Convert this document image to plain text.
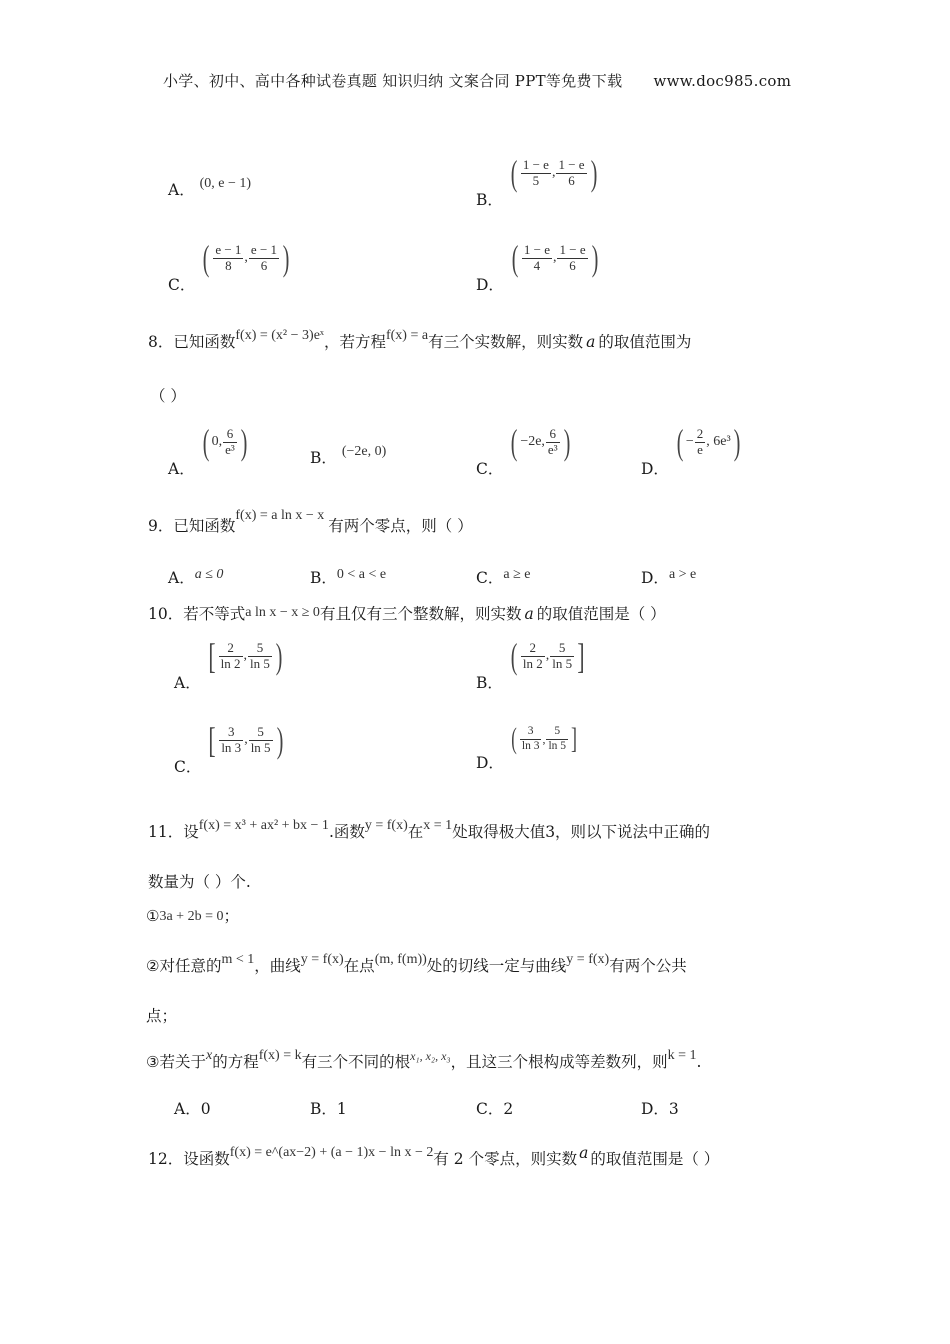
小学、初中、高中各种试卷真题 知识归纳 文案合同 PPT等免费下载 www.doc985.com
A． (0, e − 1)
B．
( $\frac{1 - e}{5}$ , $\frac{1 - e}{6}$ )
C．
( $\frac{e - 1}{8}$ , $\frac{e - 1}{6}$ )
D．
( $\frac{1 - e}{4}$ , $\frac{1 - e}{6}$ )
8．已知函数f(x) = (x² − 3)eˣ，若方程f(x) = a有三个实数解，则实数 a 的取值范围为
（ ）
A．
( 0, $\frac{6}{\text{e³}}$ )	B． (−2e, 0)
C．
( −2e, $\frac{6}{\text{e³}}$ )
D．
( − $\frac{2}{e}$ , 6e³ )
9．已知函数f(x) = a ln x − x有两个零点，则（ ）
A．a ≤ 0	B．0 < a < e	C．a ≥ e	D．a > e
10．若不等式a ln x − x ≥ 0有且仅有三个整数解，则实数 a 的取值范围是（ ）
A．
[ $\frac{2}{\ln 2}$ , $\frac{5}{\ln 5}$ )
B．
( $\frac{2}{\ln 2}$ , $\frac{5}{\ln 5}$ ]
C．
[ $\frac{3}{\ln 3}$ , $\frac{5}{\ln 5}$ )
D．
( $\frac{3}{\ln 3}$ , $\frac{5}{\ln 5}$ ]
11．设f(x) = x³ + ax² + bx − 1.函数y = f(x)在x = 1处取得极大值3，则以下说法中正确的
数量为（ ）个.
①3a + 2b = 0；
②对任意的m < 1，曲线y = f(x)在点(m, f(m))处的切线一定与曲线y = f(x)有两个公共
点；
③若关于x的方程f(x) = k有三个不同的根x₁, x₂, x₃，且这三个根构成等差数列，则k = 1.
A．0	B．1	C．2	D．3
12．设函数f(x) = e^(ax−2) + (a − 1)x − ln x − 2有 2 个零点，则实数 a 的取值范围是（ ）
